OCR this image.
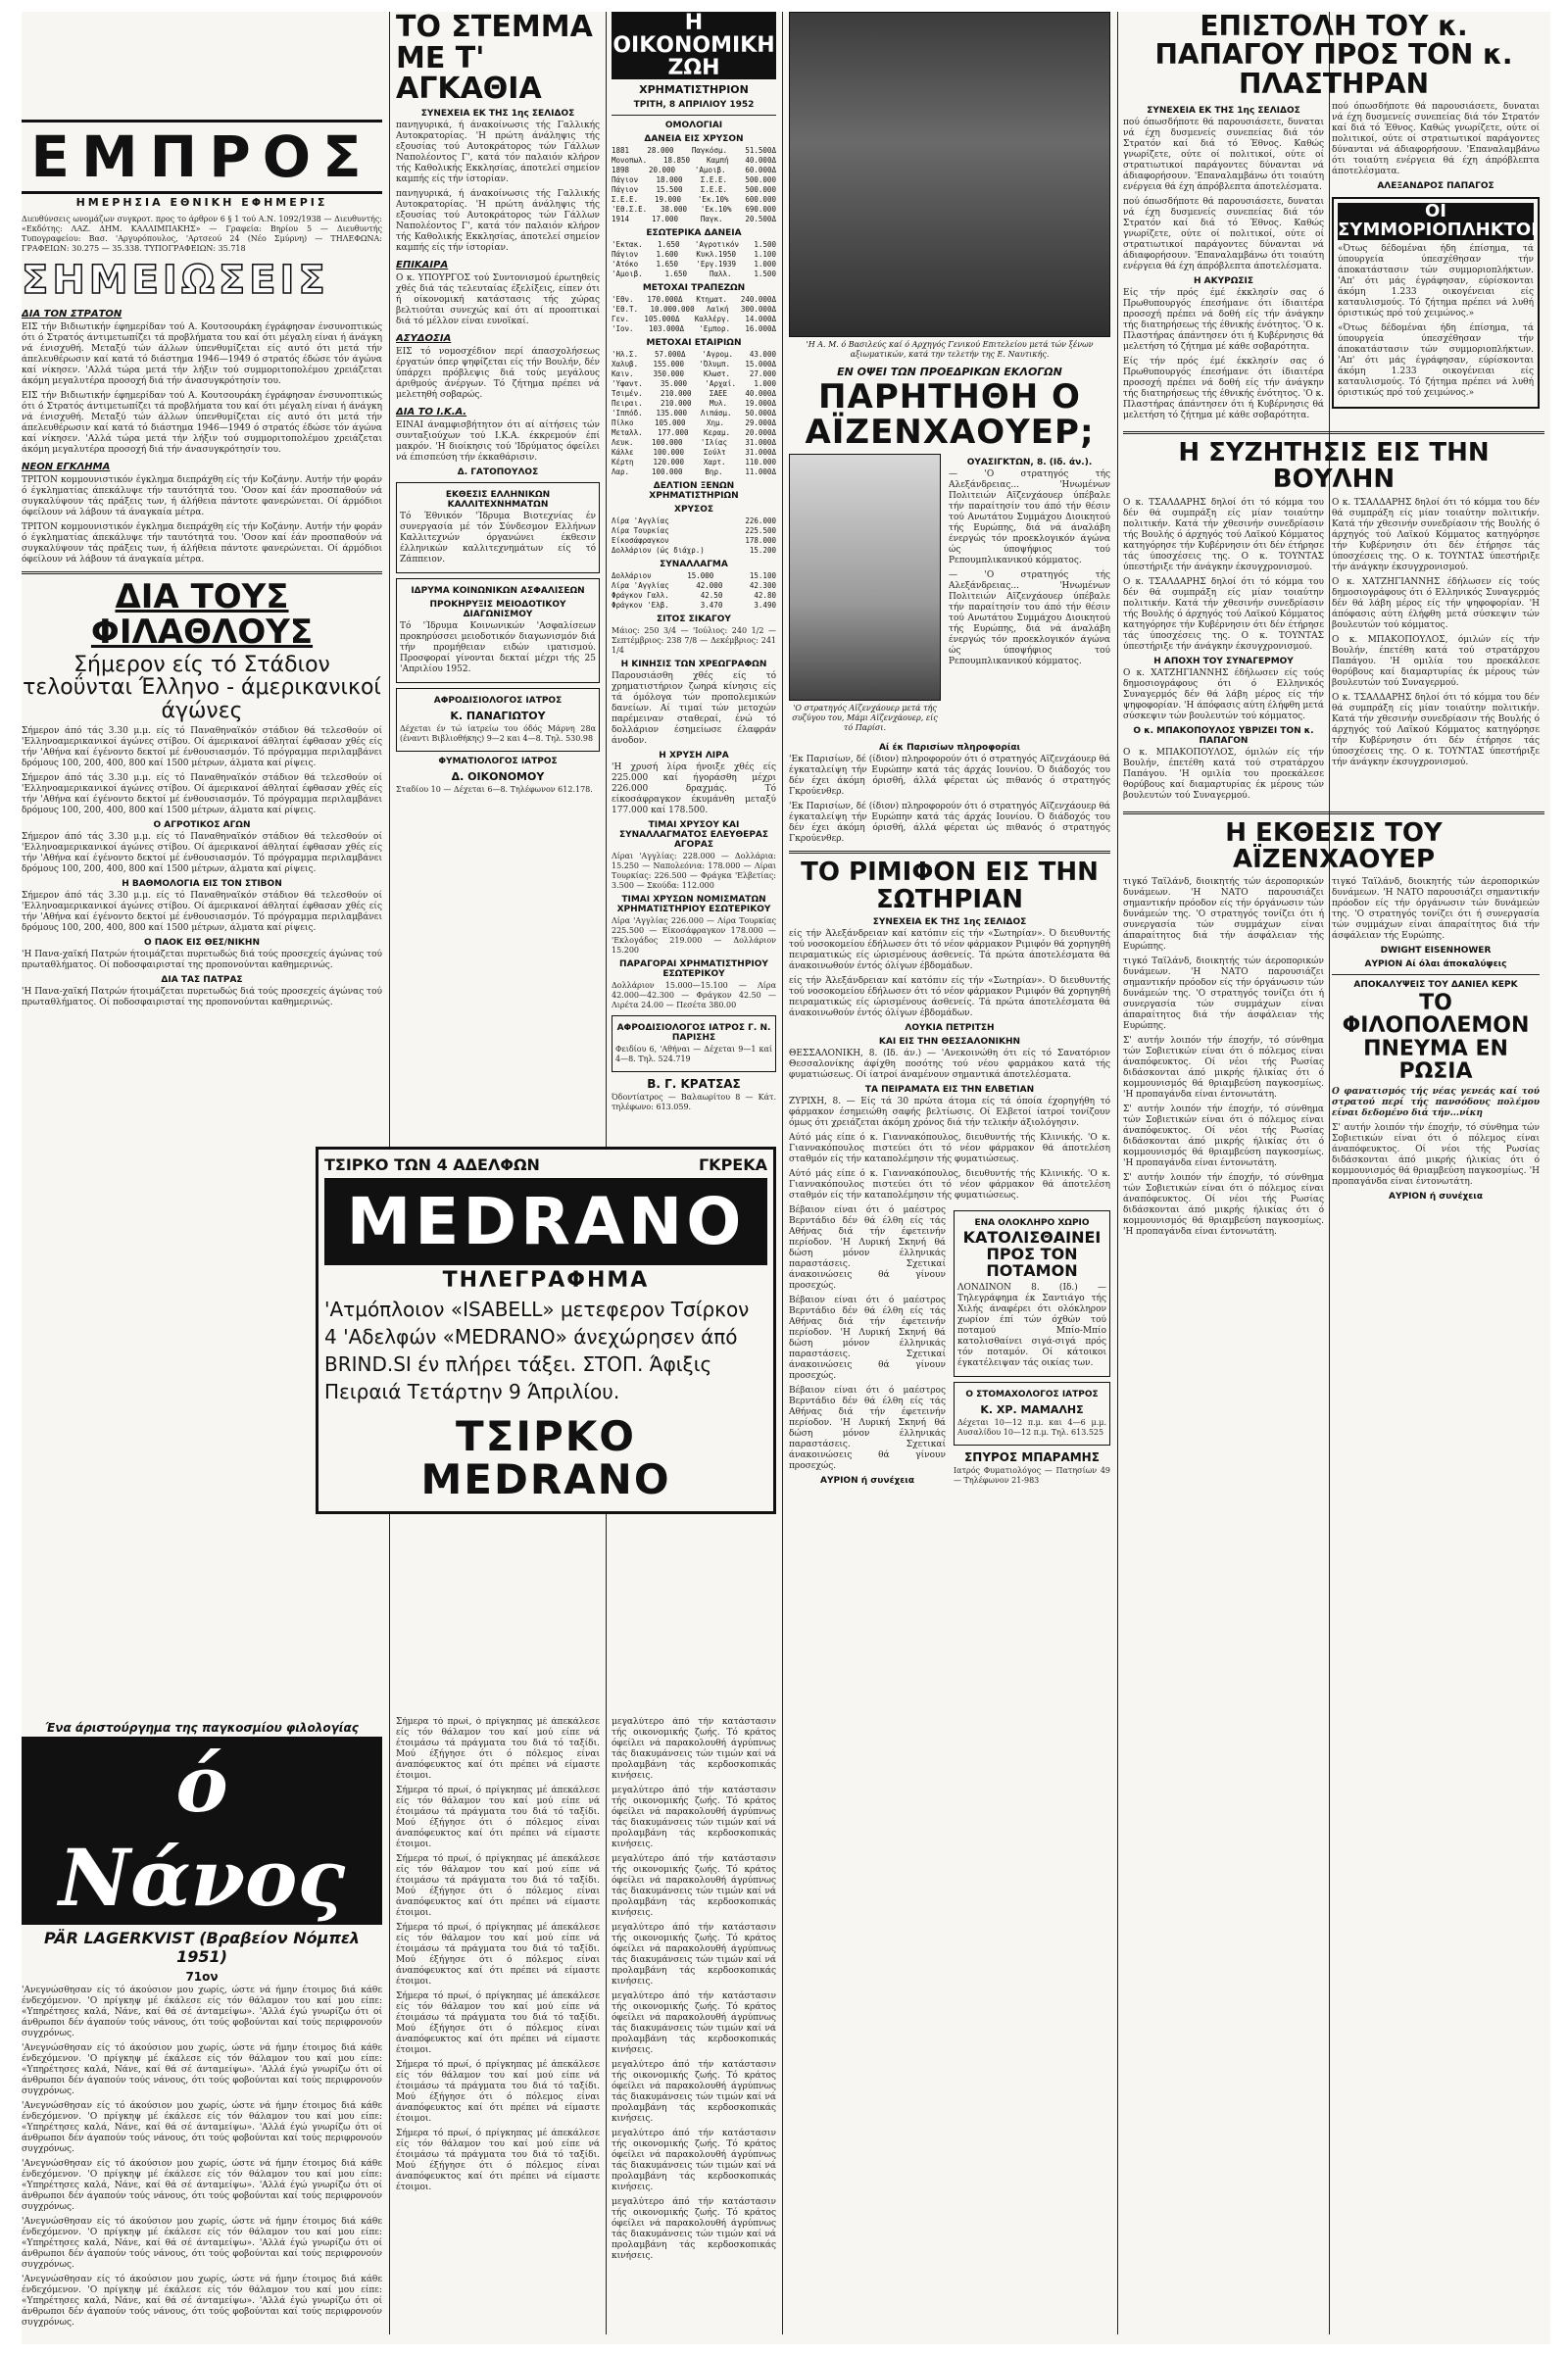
ΕΜΠΡΟΣ
ΗΜΕΡΗΣΙΑ ΕΘΝΙΚΗ ΕΦΗΜΕΡΙΣ

Διευθύνσεις ωνομάζων συγκροτ. προς το άρθρον 6 § 1 τού Α.Ν. 1092/1938 — Διευθυντής: «Εκδότης: ΛΑΖ. ΔΗΜ. ΚΑΛΛΙΜΠΑΚΗΣ» — Γραφεία: Βηρίου 5 — Διευθυντής Τυπογραφείου: Βασ. 'Αργυρόπουλος, 'Αρτσεού 24 (Νέο Σμύρνη) — ΤΗΛΕΦΩΝΑ: ΓΡΑΦΕΙΩΝ: 30.275 — 35.338. ΤΥΠΟΓΡΑΦΕΙΩΝ: 35.718

ΣΗΜΕΙΩΣΕΙΣ
ΔΙΑ ΤΟΝ ΣΤΡΑΤΟΝ

ΕΙΣ τήν Βιδιωτικήν έφημερίδαν τού Α. Κουτσουράκη έγράφησαν ένσυνοπτικώς ότι ό Στρατός άντιμετωπίζει τά προβλήματα του καί ότι μέγαλη είναι ή άνάγκη νά ένισχυθή. Μεταξύ τών άλλων ύπενθυμίζεται είς αυτό ότι μετά τήν άπελευθέρωσιν καί κατά τό διάστημα 1946—1949 ό στρατός έδώσε τόν άγώνα καί νίκησεν. 'Αλλά τώρα μετά τήν λήξιν τού συμμοριτοπολέμου χρειάζεται άκόμη μεγαλυτέρα προσοχή διά τήν άνασυγκρότησίν του.

ΕΙΣ τήν Βιδιωτικήν έφημερίδαν τού Α. Κουτσουράκη έγράφησαν ένσυνοπτικώς ότι ό Στρατός άντιμετωπίζει τά προβλήματα του καί ότι μέγαλη είναι ή άνάγκη νά ένισχυθή. Μεταξύ τών άλλων ύπενθυμίζεται είς αυτό ότι μετά τήν άπελευθέρωσιν καί κατά τό διάστημα 1946—1949 ό στρατός έδώσε τόν άγώνα καί νίκησεν. 'Αλλά τώρα μετά τήν λήξιν τού συμμοριτοπολέμου χρειάζεται άκόμη μεγαλυτέρα προσοχή διά τήν άνασυγκρότησίν του.

ΝΕΟΝ ΕΓΚΛΗΜΑ

ΤΡΙΤΟΝ κομμουνιστικόν έγκλημα διεπράχθη είς τήν Κοζάνην. Αυτήν τήν φοράν ό έγκληματίας άπεκάλυψε τήν ταυτότητά του. 'Οσον καί έάν προσπαθούν νά συγκαλύψουν τάς πράξεις των, ή άλήθεια πάντοτε φανερώνεται. Οί άρμόδιοι όφείλουν νά λάβουν τά άναγκαία μέτρα.

ΤΡΙΤΟΝ κομμουνιστικόν έγκλημα διεπράχθη είς τήν Κοζάνην. Αυτήν τήν φοράν ό έγκληματίας άπεκάλυψε τήν ταυτότητά του. 'Οσον καί έάν προσπαθούν νά συγκαλύψουν τάς πράξεις των, ή άλήθεια πάντοτε φανερώνεται. Οί άρμόδιοι όφείλουν νά λάβουν τά άναγκαία μέτρα.

ΔΙΑ ΤΟΥΣ ΦΙΛΑΘΛΟΥΣ
Σήμερον είς τό Στάδιον τελοΰνται Έλληνο - άμερικανικοί άγώνες

Σήμερον άπό τάς 3.30 μ.μ. είς τό Παναθηναϊκόν στάδιον θά τελεσθούν οί 'Ελληνοαμερικανικοί άγώνες στίβου. Οί άμερικανοί άθληταί έφθασαν χθές είς τήν 'Αθήνα καί έγένοντο δεκτοί μέ ένθουσιασμόν. Τό πρόγραμμα περιλαμβάνει δρόμους 100, 200, 400, 800 καί 1500 μέτρων, άλματα καί ρίψεις.

Σήμερον άπό τάς 3.30 μ.μ. είς τό Παναθηναϊκόν στάδιον θά τελεσθούν οί 'Ελληνοαμερικανικοί άγώνες στίβου. Οί άμερικανοί άθληταί έφθασαν χθές είς τήν 'Αθήνα καί έγένοντο δεκτοί μέ ένθουσιασμόν. Τό πρόγραμμα περιλαμβάνει δρόμους 100, 200, 400, 800 καί 1500 μέτρων, άλματα καί ρίψεις.

Ο ΑΓΡΟΤΙΚΟΣ ΑΓΩΝ

Σήμερον άπό τάς 3.30 μ.μ. είς τό Παναθηναϊκόν στάδιον θά τελεσθούν οί 'Ελληνοαμερικανικοί άγώνες στίβου. Οί άμερικανοί άθληταί έφθασαν χθές είς τήν 'Αθήνα καί έγένοντο δεκτοί μέ ένθουσιασμόν. Τό πρόγραμμα περιλαμβάνει δρόμους 100, 200, 400, 800 καί 1500 μέτρων, άλματα καί ρίψεις.

Η ΒΑΘΜΟΛΟΓΙΑ ΕΙΣ ΤΟΝ ΣΤΙΒΟΝ

Σήμερον άπό τάς 3.30 μ.μ. είς τό Παναθηναϊκόν στάδιον θά τελεσθούν οί 'Ελληνοαμερικανικοί άγώνες στίβου. Οί άμερικανοί άθληταί έφθασαν χθές είς τήν 'Αθήνα καί έγένοντο δεκτοί μέ ένθουσιασμόν. Τό πρόγραμμα περιλαμβάνει δρόμους 100, 200, 400, 800 καί 1500 μέτρων, άλματα καί ρίψεις.

Ο ΠΑΟΚ ΕΙΣ ΘΕΣ/ΝΙΚΗΝ

'Η Πανα-χαϊκή Πατρών ήτοιμάζεται πυρετωδώς διά τούς προσεχείς άγώνας τού πρωταθλήματος. Οί ποδοσφαιρισταί της προπονούνται καθημερινώς.

ΔΙΑ ΤΑΣ ΠΑΤΡΑΣ

'Η Πανα-χαϊκή Πατρών ήτοιμάζεται πυρετωδώς διά τούς προσεχείς άγώνας τού πρωταθλήματος. Οί ποδοσφαιρισταί της προπονούνται καθημερινώς.

ΤΣΙΡΚΟ ΤΩΝ 4 ΑΔΕΛΦΩΝ	ΓΚΡΕΚΑ
MEDRANO
ΤΗΛΕΓΡΑΦΗΜΑ
'Ατμόπλοιον «ISABELL» μετεφερον Τσίρκον 4 'Αδελφών «MEDRANO» άνεχώρησεν άπό BRIND.SI έν πλήρει τάξει. ΣΤΟΠ. Άφιξις Πειραιά Τετάρτην 9 Άπριλίου.
ΤΣΙΡΚΟ MEDRANO
Ένα άριστούργημα της παγκοσμίου φιλολογίας
ό Νάνος
PÄR LAGERKVIST (Βραβείον Νόμπελ 1951)
71ον

'Ανεγνώσθησαν είς τό άκούσιον μου χωρίς, ώστε νά ήμην έτοιμος διά κάθε ένδεχόμενον. 'Ο πρίγκηψ μέ έκάλεσε είς τόν θάλαμον του καί μου είπε: «Υπηρέτησες καλά, Νάνε, καί θά σέ άνταμείψω». 'Αλλά έγώ γνωρίζω ότι οί άνθρωποι δέν άγαπούν τούς νάνους, ότι τούς φοβούνται καί τούς περιφρονούν συγχρόνως.

'Ανεγνώσθησαν είς τό άκούσιον μου χωρίς, ώστε νά ήμην έτοιμος διά κάθε ένδεχόμενον. 'Ο πρίγκηψ μέ έκάλεσε είς τόν θάλαμον του καί μου είπε: «Υπηρέτησες καλά, Νάνε, καί θά σέ άνταμείψω». 'Αλλά έγώ γνωρίζω ότι οί άνθρωποι δέν άγαπούν τούς νάνους, ότι τούς φοβούνται καί τούς περιφρονούν συγχρόνως.

'Ανεγνώσθησαν είς τό άκούσιον μου χωρίς, ώστε νά ήμην έτοιμος διά κάθε ένδεχόμενον. 'Ο πρίγκηψ μέ έκάλεσε είς τόν θάλαμον του καί μου είπε: «Υπηρέτησες καλά, Νάνε, καί θά σέ άνταμείψω». 'Αλλά έγώ γνωρίζω ότι οί άνθρωποι δέν άγαπούν τούς νάνους, ότι τούς φοβούνται καί τούς περιφρονούν συγχρόνως.

'Ανεγνώσθησαν είς τό άκούσιον μου χωρίς, ώστε νά ήμην έτοιμος διά κάθε ένδεχόμενον. 'Ο πρίγκηψ μέ έκάλεσε είς τόν θάλαμον του καί μου είπε: «Υπηρέτησες καλά, Νάνε, καί θά σέ άνταμείψω». 'Αλλά έγώ γνωρίζω ότι οί άνθρωποι δέν άγαπούν τούς νάνους, ότι τούς φοβούνται καί τούς περιφρονούν συγχρόνως.

'Ανεγνώσθησαν είς τό άκούσιον μου χωρίς, ώστε νά ήμην έτοιμος διά κάθε ένδεχόμενον. 'Ο πρίγκηψ μέ έκάλεσε είς τόν θάλαμον του καί μου είπε: «Υπηρέτησες καλά, Νάνε, καί θά σέ άνταμείψω». 'Αλλά έγώ γνωρίζω ότι οί άνθρωποι δέν άγαπούν τούς νάνους, ότι τούς φοβούνται καί τούς περιφρονούν συγχρόνως.

'Ανεγνώσθησαν είς τό άκούσιον μου χωρίς, ώστε νά ήμην έτοιμος διά κάθε ένδεχόμενον. 'Ο πρίγκηψ μέ έκάλεσε είς τόν θάλαμον του καί μου είπε: «Υπηρέτησες καλά, Νάνε, καί θά σέ άνταμείψω». 'Αλλά έγώ γνωρίζω ότι οί άνθρωποι δέν άγαπούν τούς νάνους, ότι τούς φοβούνται καί τούς περιφρονούν συγχρόνως.

ΤΟ ΣΤΕΜΜΑ ΜΕ Τ' ΑΓΚΑΘΙΑ
ΣΥΝΕΧΕΙΑ ΕΚ ΤΗΣ 1ης ΣΕΛΙΔΟΣ

πανηγυρικά, ή άνακοίνωσις τής Γαλλικής Αυτοκρατορίας. 'Η πρώτη άνάληψις τής εξουσίας τού Αυτοκράτορος τών Γάλλων Ναπολέοντος Γ', κατά τόν παλαιόν κλήρον τής Καθολικής Εκκλησίας, άποτελεί σημείον καμπής είς τήν ίστορίαν.

πανηγυρικά, ή άνακοίνωσις τής Γαλλικής Αυτοκρατορίας. 'Η πρώτη άνάληψις τής εξουσίας τού Αυτοκράτορος τών Γάλλων Ναπολέοντος Γ', κατά τόν παλαιόν κλήρον τής Καθολικής Εκκλησίας, άποτελεί σημείον καμπής είς τήν ίστορίαν.

ΕΠΙΚΑΙΡΑ

Ο κ. ΥΠΟΥΡΓΟΣ τού Συντονισμού έρωτηθείς χθές διά τάς τελευταίας έξελίξεις, είπεν ότι ή οίκονομική κατάστασις τής χώρας βελτιούται συνεχώς καί ότι αί προοπτικαί διά τό μέλλον είναι ευνοϊκαί.

ΑΣΥΔΟΣΙΑ

ΕΙΣ τό νομοσχέδιον περί άπασχολήσεως έργατών όπερ ψηφίζεται είς τήν Βουλήν, δέν ύπάρχει πρόβλεψις διά τούς μεγάλους άριθμούς άνέργων. Τό ζήτημα πρέπει νά μελετηθή σοβαρώς.

ΔΙΑ ΤΟ Ι.Κ.Α.

ΕΙΝΑΙ άναμφισβήτητον ότι αί αίτήσεις τών συνταξιούχων τού Ι.Κ.Α. έκκρεμούν έπί μακρόν. 'Η διοίκησις τού 'Ιδρύματος όφείλει νά έπισπεύση τήν έκκαθάρισιν.

Δ. ΓΑΤΟΠΟΥΛΟΣ
ΕΚΘΕΣΙΣ ΕΛΛΗΝΙΚΩΝ ΚΑΛΛΙΤΕΧΝΗΜΑΤΩΝ

Τό Έθνικόν 'Ίδρυμα Βιοτεχνίας έν συνεργασία μέ τόν Σύνδεσμον Ελλήνων Καλλιτεχνών όργανώνει έκθεσιν έλληνικών καλλιτεχνημάτων είς τό Ζάππειον.

ΙΔΡΥΜΑ ΚΟΙΝΩΝΙΚΩΝ ΑΣΦΑΛΙΣΕΩΝ
ΠΡΟΚΗΡΥΞΙΣ ΜΕΙΟΔΟΤΙΚΟΥ ΔΙΑΓΩΝΙΣΜΟΥ

Τό 'Ίδρυμα Κοινωνικών 'Ασφαλίσεων προκηρύσσει μειοδοτικόν διαγωνισμόν διά τήν προμήθειαν ειδών ιματισμού. Προσφοραί γίνονται δεκταί μέχρι τής 25 'Απριλίου 1952.

ΑΦΡΟΔΙΣΙΟΛΟΓΟΣ ΙΑΤΡΟΣ
Κ. ΠΑΝΑΓΙΩΤΟΥ

Δέχεται έν τώ ίατρείω του όδός Μάρνη 28α (έναντι Βιβλιοθήκης) 9—2 και 4—8. Τηλ. 530.98

ΦΥΜΑΤΙΟΛΟΓΟΣ ΙΑΤΡΟΣ
Δ. ΟΙΚΟΝΟΜΟΥ

Σταδίου 10 — Δέχεται 6—8. Τηλέφωνον 612.178.

Σήμερα τό πρωί, ό πρίγκηπας μέ άπεκάλεσε είς τόν θάλαμον του καί μού είπε νά έτοιμάσω τά πράγματα του διά τό ταξίδι. Μού έξήγησε ότι ό πόλεμος είναι άναπόφευκτος καί ότι πρέπει νά είμαστε έτοιμοι.

Σήμερα τό πρωί, ό πρίγκηπας μέ άπεκάλεσε είς τόν θάλαμον του καί μού είπε νά έτοιμάσω τά πράγματα του διά τό ταξίδι. Μού έξήγησε ότι ό πόλεμος είναι άναπόφευκτος καί ότι πρέπει νά είμαστε έτοιμοι.

Σήμερα τό πρωί, ό πρίγκηπας μέ άπεκάλεσε είς τόν θάλαμον του καί μού είπε νά έτοιμάσω τά πράγματα του διά τό ταξίδι. Μού έξήγησε ότι ό πόλεμος είναι άναπόφευκτος καί ότι πρέπει νά είμαστε έτοιμοι.

Σήμερα τό πρωί, ό πρίγκηπας μέ άπεκάλεσε είς τόν θάλαμον του καί μού είπε νά έτοιμάσω τά πράγματα του διά τό ταξίδι. Μού έξήγησε ότι ό πόλεμος είναι άναπόφευκτος καί ότι πρέπει νά είμαστε έτοιμοι.

Σήμερα τό πρωί, ό πρίγκηπας μέ άπεκάλεσε είς τόν θάλαμον του καί μού είπε νά έτοιμάσω τά πράγματα του διά τό ταξίδι. Μού έξήγησε ότι ό πόλεμος είναι άναπόφευκτος καί ότι πρέπει νά είμαστε έτοιμοι.

Σήμερα τό πρωί, ό πρίγκηπας μέ άπεκάλεσε είς τόν θάλαμον του καί μού είπε νά έτοιμάσω τά πράγματα του διά τό ταξίδι. Μού έξήγησε ότι ό πόλεμος είναι άναπόφευκτος καί ότι πρέπει νά είμαστε έτοιμοι.

Σήμερα τό πρωί, ό πρίγκηπας μέ άπεκάλεσε είς τόν θάλαμον του καί μού είπε νά έτοιμάσω τά πράγματα του διά τό ταξίδι. Μού έξήγησε ότι ό πόλεμος είναι άναπόφευκτος καί ότι πρέπει νά είμαστε έτοιμοι.

Η ΟΙΚΟΝΟΜΙΚΗ ΖΩΗ
ΧΡΗΜΑΤΙΣΤΗΡΙΟΝ
ΤΡΙΤΗ, 8 ΑΠΡΙΛΙΟΥ 1952
ΟΜΟΛΟΓΙΑΙ
ΔΑΝΕΙΑ ΕΙΣ ΧΡΥΣΟΝ
1881 28.000 Παγκόσμ. 51.500Δ
Μονοπωλ. 18.850 Καμπή 40.000Δ
1898	20.000	'Αμοιβ.	60.000Δ
Πάγιον 18.000 Σ.Ε.Ε. 500.000
Πάγιον 15.500 Σ.Ε.Ε. 500.000
Σ.Ε.Ε. 19.000 'Εκ.10% 600.000
'Εθ.Σ.Ε. 38.000 'Εκ.10% 690.000
1914	17.000	Παγκ.	20.500Δ
ΕΣΩΤΕΡΙΚΑ ΔΑΝΕΙΑ
'Εκτακ. 1.650 'Αγροτικόν 1.500
Πάγιον 1.600 Κυκλ.1950 1.100
'Ατόκο 1.650 'Εργ.1939 1.000
'Αμοιβ.	1.650	Παλλ.	1.500
ΜΕΤΟΧΑΙ ΤΡΑΠΕΖΩΝ
'Εθν. 170.000Δ Κτηματ. 240.000Δ
'Εθ.Τ. 10.000.000 Λαϊκή 300.000Δ
Γεν. 105.000Δ Καλλέργ. 14.000Δ
'Ιον. 103.000Δ 'Εμπορ. 16.000Δ
ΜΕΤΟΧΑΙ ΕΤΑΙΡΙΩΝ
'Ηλ.Σ. 57.000Δ 'Αγρομ. 43.000
Χαλυβ. 155.000 'Όλυμπ. 15.000Δ
Καιν.	350.000	Κλωστ.	27.000
'Υφαντ. 35.000 'Αρχαί. 1.000
Τσιμέν. 210.000 ΣΑΕΕ 40.000Δ
Πειραι. 210.000 Μυλ. 19.000Δ
'Ιππόδ. 135.000 Λιπάσμ. 50.000Δ
Πίλκο	105.000	Χημ.	29.000Δ
Μεταλλ. 177.000 Κεραμ. 20.000Δ
Λευκ. 100.000 'Ιλίας 31.000Δ
Κάλλε	100.000	Σούλτ	31.000Δ
Κέρτη	120.000	Χαρτ.	110.000
Λαρ.	100.000	Βηρ.	11.000Δ
ΔΕΛΤΙΟΝ ΞΕΝΩΝ ΧΡΗΜΑΤΙΣΤΗΡΙΩΝ
ΧΡΥΣΟΣ
Λίρα 'Αγγλίας	226.000
Λίρα Τουρκίας	225.500
Είκοσάφραγκον	178.000
Δολλάριον (ώς διάχρ.)	15.200
ΣΥΝΑΛΛΑΓΜΑ
Δολλάριον	15.000	15.100
Λίρα 'Αγγλίας	42.000	42.300
Φράγκον Γαλλ.	42.50	42.80
Φράγκον 'Ελβ.	3.470	3.490
ΣΙΤΟΣ ΣΙΚΑΓΟΥ

Μάιος: 250 3/4 — 'Ιούλιος: 240 1/2 — Σεπτέμβριος: 238 7/8 — Δεκέμβριος: 241 1/4

Η ΚΙΝΗΣΙΣ ΤΩΝ ΧΡΕΩΓΡΑΦΩΝ

Παρουσιάσθη χθές είς τό χρηματιστήριον ζωηρά κίνησις είς τά όμόλογα τών προπολεμικών δανείων. Αί τιμαί τών μετοχών παρέμειναν σταθεραί, ένώ τό δολλάριον έσημείωσε έλαφράν άνοδον.

Η ΧΡΥΣΗ ΛΙΡΑ

'Η χρυσή λίρα ήνοιξε χθές είς 225.000 καί ήγοράσθη μέχρι 226.000 δραχμάς. Τό είκοσάφραγκον έκυμάνθη μεταξύ 177.000 καί 178.500.

ΤΙΜΑΙ ΧΡΥΣΟΥ ΚΑΙ ΣΥΝΑΛΛΑΓΜΑΤΟΣ ΕΛΕΥΘΕΡΑΣ ΑΓΟΡΑΣ

Λίραι 'Αγγλίας: 228.000 — Δολλάρια: 15.250 — Ναπολεόνια: 178.000 — Λίραι Τουρκίας: 226.500 — Φράγκα 'Ελβετίας: 3.500 — Σκούδα: 112.000

ΤΙΜΑΙ ΧΡΥΣΩΝ ΝΟΜΙΣΜΑΤΩΝ ΧΡΗΜΑΤΙΣΤΗΡΙΟΥ ΕΣΩΤΕΡΙΚΟΥ

Λίρα 'Αγγλίας 226.000 — Λίρα Τουρκίας 225.500 — Είκοσάφραγκον 178.000 — 'Εκλογάδος 219.000 — Δολλάριον 15.200

ΠΑΡΑΓΟΡΑΙ ΧΡΗΜΑΤΙΣΤΗΡΙΟΥ ΕΣΩΤΕΡΙΚΟΥ

Δολλάριον 15.000—15.100 — Λίρα 42.000—42.300 — Φράγκον 42.50 — Λιρέτα 24.00 — Πεσέτα 380.00

ΑΦΡΟΔΙΣΙΟΛΟΓΟΣ ΙΑΤΡΟΣ Γ. Ν. ΠΑΡΙΣΗΣ

Φειδίου 6, 'Αθήναι — Δέχεται 9—1 καί 4—8. Τηλ. 524.719

Β. Γ. ΚΡΑΤΣΑΣ

Όδοντίατρος — Βαλαωρίτου 8 — Κάτ. τηλέφωνο: 613.059.

μεγαλύτερο άπό τήν κατάστασιν τής οικονομικής ζωής. Τό κράτος όφείλει νά παρακολουθή άγρύπνως τάς διακυμάνσεις τών τιμών καί νά προλαμβάνη τάς κερδοσκοπικάς κινήσεις.

μεγαλύτερο άπό τήν κατάστασιν τής οικονομικής ζωής. Τό κράτος όφείλει νά παρακολουθή άγρύπνως τάς διακυμάνσεις τών τιμών καί νά προλαμβάνη τάς κερδοσκοπικάς κινήσεις.

μεγαλύτερο άπό τήν κατάστασιν τής οικονομικής ζωής. Τό κράτος όφείλει νά παρακολουθή άγρύπνως τάς διακυμάνσεις τών τιμών καί νά προλαμβάνη τάς κερδοσκοπικάς κινήσεις.

μεγαλύτερο άπό τήν κατάστασιν τής οικονομικής ζωής. Τό κράτος όφείλει νά παρακολουθή άγρύπνως τάς διακυμάνσεις τών τιμών καί νά προλαμβάνη τάς κερδοσκοπικάς κινήσεις.

μεγαλύτερο άπό τήν κατάστασιν τής οικονομικής ζωής. Τό κράτος όφείλει νά παρακολουθή άγρύπνως τάς διακυμάνσεις τών τιμών καί νά προλαμβάνη τάς κερδοσκοπικάς κινήσεις.

μεγαλύτερο άπό τήν κατάστασιν τής οικονομικής ζωής. Τό κράτος όφείλει νά παρακολουθή άγρύπνως τάς διακυμάνσεις τών τιμών καί νά προλαμβάνη τάς κερδοσκοπικάς κινήσεις.

μεγαλύτερο άπό τήν κατάστασιν τής οικονομικής ζωής. Τό κράτος όφείλει νά παρακολουθή άγρύπνως τάς διακυμάνσεις τών τιμών καί νά προλαμβάνη τάς κερδοσκοπικάς κινήσεις.

μεγαλύτερο άπό τήν κατάστασιν τής οικονομικής ζωής. Τό κράτος όφείλει νά παρακολουθή άγρύπνως τάς διακυμάνσεις τών τιμών καί νά προλαμβάνη τάς κερδοσκοπικάς κινήσεις.

'Η Α. Μ. ό Βασιλεύς καί ό Αρχηγός Γενικού Επιτελείου μετά τών ξένων αξιωματικών, κατά την τελετήν της Ε. Ναυτικής.
ΕΝ ΟΨΕΙ ΤΩΝ ΠΡΟΕΔΡΙΚΩΝ ΕΚΛΟΓΩΝ
ΠΑΡΗΤΗΘΗ Ο ΑΪΖΕΝΧΑΟΥΕΡ;
'Ο στρατηγός Αϊζενχάουερ μετά τής συζύγου του, Μάμι Αϊζενχάουερ, είς τό Παρίσι.
ΟΥΑΣΙΓΚΤΩΝ, 8. (Ιδ. άν.).

— 'Ο στρατηγός τής Αλεξάνδρειας... 'Ηνωμένων Πολιτειών Αϊζενχάουερ ύπέβαλε τήν παραίτησίν του άπό τήν θέσιν τού Ανωτάτου Συμμάχου Διοικητού τής Ευρώπης, διά νά άναλάβη ένεργώς τόν προεκλογικόν άγώνα ώς ύποψήφιος τού Ρεπουμπλικανικού κόμματος.

— 'Ο στρατηγός τής Αλεξάνδρειας... 'Ηνωμένων Πολιτειών Αϊζενχάουερ ύπέβαλε τήν παραίτησίν του άπό τήν θέσιν τού Ανωτάτου Συμμάχου Διοικητού τής Ευρώπης, διά νά άναλάβη ένεργώς τόν προεκλογικόν άγώνα ώς ύποψήφιος τού Ρεπουμπλικανικού κόμματος.

Αί έκ Παρισίων πληροφορίαι

'Εκ Παρισίων, δέ (ίδιον) πληροφορούν ότι ό στρατηγός Αϊζενχάουερ θά έγκαταλείψη τήν Ευρώπην κατά τάς άρχάς Ιουνίου. Ό διάδοχός του δέν έχει άκόμη όρισθή, άλλά φέρεται ώς πιθανός ό στρατηγός Γκρούενθερ.

'Εκ Παρισίων, δέ (ίδιον) πληροφορούν ότι ό στρατηγός Αϊζενχάουερ θά έγκαταλείψη τήν Ευρώπην κατά τάς άρχάς Ιουνίου. Ό διάδοχός του δέν έχει άκόμη όρισθή, άλλά φέρεται ώς πιθανός ό στρατηγός Γκρούενθερ.

ΤΟ ΡΙΜΙΦΟΝ ΕΙΣ ΤΗΝ ΣΩΤΗΡΙΑΝ
ΣΥΝΕΧΕΙΑ ΕΚ ΤΗΣ 1ης ΣΕΛΙΔΟΣ

είς τήν Άλεξάνδρειαν καί κατόπιν είς τήν «Σωτηρίαν». Ό διευθυντής τού νοσοκομείου έδήλωσεν ότι τό νέον φάρμακον Ριμιφόν θά χορηγηθή πειραματικώς είς ώρισμένους άσθενείς. Τά πρώτα άποτελέσματα θά άνακοινωθούν έντός όλίγων έβδομάδων.

είς τήν Άλεξάνδρειαν καί κατόπιν είς τήν «Σωτηρίαν». Ό διευθυντής τού νοσοκομείου έδήλωσεν ότι τό νέον φάρμακον Ριμιφόν θά χορηγηθή πειραματικώς είς ώρισμένους άσθενείς. Τά πρώτα άποτελέσματα θά άνακοινωθούν έντός όλίγων έβδομάδων.

ΛΟΥΚΙΑ ΠΕΤΡΙΤΣΗ
ΚΑΙ ΕΙΣ ΤΗΝ ΘΕΣΣΑΛΟΝΙΚΗΝ

ΘΕΣΣΑΛΟΝΙΚΗ, 8. (Ιδ. άν.) — 'Ανεκοινώθη ότι είς τό Σανατόριον Θεσσαλονίκης άφίχθη ποσότης τού νέου φαρμάκου κατά τής φυματιώσεως. Οί ίατροί άναμένουν σημαντικά άποτελέσματα.

ΤΑ ΠΕΙΡΑΜΑΤΑ ΕΙΣ ΤΗΝ ΕΛΒΕΤΙΑΝ

ΖΥΡΙΧΗ, 8. — Είς τά 30 πρώτα άτομα είς τά όποία έχορηγήθη τό φάρμακον έσημειώθη σαφής βελτίωσις. Οί Ελβετοί ίατροί τονίζουν όμως ότι χρειάζεται άκόμη χρόνος διά τήν τελικήν άξιολόγησιν.

Αύτό μάς είπε ό κ. Γιαννακόπουλος, διευθυντής τής Κλινικής. 'Ο κ. Γιαννακόπουλος πιστεύει ότι τό νέον φάρμακον θά άποτελέση σταθμόν είς τήν καταπολέμησιν τής φυματιώσεως.

Αύτό μάς είπε ό κ. Γιαννακόπουλος, διευθυντής τής Κλινικής. 'Ο κ. Γιαννακόπουλος πιστεύει ότι τό νέον φάρμακον θά άποτελέση σταθμόν είς τήν καταπολέμησιν τής φυματιώσεως.

Βέβαιον είναι ότι ό μαέστρος Βερντάδιο δέν θά έλθη είς τάς Αθήνας διά τήν έφετεινήν περίοδον. 'Η Λυρική Σκηνή θά δώση μόνον έλληνικάς παραστάσεις. Σχετικαί άνακοινώσεις θά γίνουν προσεχώς.

Βέβαιον είναι ότι ό μαέστρος Βερντάδιο δέν θά έλθη είς τάς Αθήνας διά τήν έφετεινήν περίοδον. 'Η Λυρική Σκηνή θά δώση μόνον έλληνικάς παραστάσεις. Σχετικαί άνακοινώσεις θά γίνουν προσεχώς.

Βέβαιον είναι ότι ό μαέστρος Βερντάδιο δέν θά έλθη είς τάς Αθήνας διά τήν έφετεινήν περίοδον. 'Η Λυρική Σκηνή θά δώση μόνον έλληνικάς παραστάσεις. Σχετικαί άνακοινώσεις θά γίνουν προσεχώς.

ΑΥΡΙΟΝ ή συνέχεια
ΕΝΑ ΟΛΟΚΛΗΡΟ ΧΩΡΙΟ
ΚΑΤΟΛΙΣΘΑΙΝΕΙ ΠΡΟΣ ΤΟΝ ΠΟΤΑΜΟΝ

ΛΟΝΔΙΝΟΝ 8. (Ιδ.) — Τηλεγράφημα έκ Σαντιάγο τής Χιλής άναφέρει ότι ολόκληρον χωρίον έπί τών όχθών τού ποταμού Μπίο-Μπίο κατολισθαίνει σιγά-σιγά πρός τόν ποταμόν. Οί κάτοικοι έγκατέλειψαν τάς οικίας των.

Ο ΣΤΟΜΑΧΟΛΟΓΟΣ ΙΑΤΡΟΣ
Κ. ΧΡ. ΜΑΜΑΛΗΣ

Δέχεται 10—12 π.μ. και 4—6 μ.μ. Αυσαλίδου 10—12 π.μ. Τηλ. 613.525

ΣΠΥΡΟΣ ΜΠΑΡΑΜΗΣ

Ιατρός Φυματιολόγος — Πατησίων 49 — Τηλέφωνον 21-983

ΕΠΙΣΤΟΛΗ ΤΟΥ κ. ΠΑΠΑΓΟΥ ΠΡΟΣ ΤΟΝ κ. ΠΛΑΣΤΗΡΑΝ
ΣΥΝΕΧΕΙΑ ΕΚ ΤΗΣ 1ης ΣΕΛΙΔΟΣ

πού όπωσδήποτε θά παρουσιάσετε, δυναται νά έχη δυσμενείς συνεπείας διά τόν Στρατόν καί διά τό Έθνος. Καθώς γνωρίζετε, ούτε οί πολιτικοί, ούτε οί στρατιωτικοί παράγοντες δύνανται νά άδιαφορήσουν. 'Επαναλαμβάνω ότι τοιαύτη ενέργεια θά έχη άπρόβλεπτα άποτελέσματα.

πού όπωσδήποτε θά παρουσιάσετε, δυναται νά έχη δυσμενείς συνεπείας διά τόν Στρατόν καί διά τό Έθνος. Καθώς γνωρίζετε, ούτε οί πολιτικοί, ούτε οί στρατιωτικοί παράγοντες δύνανται νά άδιαφορήσουν. 'Επαναλαμβάνω ότι τοιαύτη ενέργεια θά έχη άπρόβλεπτα άποτελέσματα.

Η ΑΚΥΡΩΣΙΣ

Είς τήν πρός έμέ έκκλησίν σας ό Πρωθυπουργός έπεσήμανε ότι ίδιαιτέρα προσοχή πρέπει νά δοθή είς τήν άνάγκην τής διατηρήσεως τής έθνικής ένότητος. 'Ο κ. Πλαστήρας άπάντησεν ότι ή Κυβέρνησις θά μελετήση τό ζήτημα μέ κάθε σοβαρότητα.

Είς τήν πρός έμέ έκκλησίν σας ό Πρωθυπουργός έπεσήμανε ότι ίδιαιτέρα προσοχή πρέπει νά δοθή είς τήν άνάγκην τής διατηρήσεως τής έθνικής ένότητος. 'Ο κ. Πλαστήρας άπάντησεν ότι ή Κυβέρνησις θά μελετήση τό ζήτημα μέ κάθε σοβαρότητα.

πού όπωσδήποτε θά παρουσιάσετε, δυναται νά έχη δυσμενείς συνεπείας διά τόν Στρατόν καί διά τό Έθνος. Καθώς γνωρίζετε, ούτε οί πολιτικοί, ούτε οί στρατιωτικοί παράγοντες δύνανται νά άδιαφορήσουν. 'Επαναλαμβάνω ότι τοιαύτη ενέργεια θά έχη άπρόβλεπτα άποτελέσματα.

ΑΛΕΞΑΝΔΡΟΣ ΠΑΠΑΓΟΣ
ΟΙ ΣΥΜΜΟΡΙΟΠΛΗΚΤΟΙ

«Ότως δέδομέναι ήδη έπίσημα, τά ύπουργεία ύπεσχέθησαν τήν άποκατάστασιν τών συμμοριοπλήκτων. 'Απ' ότι μάς έγράφησαν, εύρίσκονται άκόμη 1.233 οικογένειαι είς καταυλισμούς. Τό ζήτημα πρέπει νά λυθή όριστικώς πρό τού χειμώνος.»

«Ότως δέδομέναι ήδη έπίσημα, τά ύπουργεία ύπεσχέθησαν τήν άποκατάστασιν τών συμμοριοπλήκτων. 'Απ' ότι μάς έγράφησαν, εύρίσκονται άκόμη 1.233 οικογένειαι είς καταυλισμούς. Τό ζήτημα πρέπει νά λυθή όριστικώς πρό τού χειμώνος.»

Η ΣΥΖΗΤΗΣΙΣ ΕΙΣ ΤΗΝ ΒΟΥΛΗΝ

Ο κ. ΤΣΑΛΔΑΡΗΣ δηλοί ότι τό κόμμα του δέν θά συμπράξη είς μίαν τοιαύτην πολιτικήν. Κατά τήν χθεσινήν συνεδρίασιν τής Βουλής ό άρχηγός τού Λαϊκού Κόμματος κατηγόρησε τήν Κυβέρνησιν ότι δέν έτήρησε τάς ύποσχέσεις της. Ο κ. ΤΟΥΝΤΑΣ ύπεστήριξε τήν άνάγκην έκσυγχρονισμού.

Ο κ. ΤΣΑΛΔΑΡΗΣ δηλοί ότι τό κόμμα του δέν θά συμπράξη είς μίαν τοιαύτην πολιτικήν. Κατά τήν χθεσινήν συνεδρίασιν τής Βουλής ό άρχηγός τού Λαϊκού Κόμματος κατηγόρησε τήν Κυβέρνησιν ότι δέν έτήρησε τάς ύποσχέσεις της. Ο κ. ΤΟΥΝΤΑΣ ύπεστήριξε τήν άνάγκην έκσυγχρονισμού.

Η ΑΠΟΧΗ ΤΟΥ ΣΥΝΑΓΕΡΜΟΥ

Ο κ. ΧΑΤΖΗΓΙΑΝΝΗΣ έδήλωσεν είς τούς δημοσιογράφους ότι ό Ελληνικός Συναγερμός δέν θά λάβη μέρος είς τήν ψηφοφορίαν. 'Η άπόφασις αύτη έλήφθη μετά σύσκεψιν τών βουλευτών τού κόμματος.

Ο κ. ΜΠΑΚΟΠΟΥΛΟΣ ΥΒΡΙΖΕΙ ΤΟΝ κ. ΠΑΠΑΓΟΝ

Ο κ. ΜΠΑΚΟΠΟΥΛΟΣ, όμιλών είς τήν Βουλήν, έπετέθη κατά τού στρατάρχου Παπάγου. 'Η ομιλία του προεκάλεσε θορύβους καί διαμαρτυρίας έκ μέρους τών βουλευτών τού Συναγερμού.

Ο κ. ΤΣΑΛΔΑΡΗΣ δηλοί ότι τό κόμμα του δέν θά συμπράξη είς μίαν τοιαύτην πολιτικήν. Κατά τήν χθεσινήν συνεδρίασιν τής Βουλής ό άρχηγός τού Λαϊκού Κόμματος κατηγόρησε τήν Κυβέρνησιν ότι δέν έτήρησε τάς ύποσχέσεις της. Ο κ. ΤΟΥΝΤΑΣ ύπεστήριξε τήν άνάγκην έκσυγχρονισμού.

Ο κ. ΧΑΤΖΗΓΙΑΝΝΗΣ έδήλωσεν είς τούς δημοσιογράφους ότι ό Ελληνικός Συναγερμός δέν θά λάβη μέρος είς τήν ψηφοφορίαν. 'Η άπόφασις αύτη έλήφθη μετά σύσκεψιν τών βουλευτών τού κόμματος.

Ο κ. ΜΠΑΚΟΠΟΥΛΟΣ, όμιλών είς τήν Βουλήν, έπετέθη κατά τού στρατάρχου Παπάγου. 'Η ομιλία του προεκάλεσε θορύβους καί διαμαρτυρίας έκ μέρους τών βουλευτών τού Συναγερμού.

Ο κ. ΤΣΑΛΔΑΡΗΣ δηλοί ότι τό κόμμα του δέν θά συμπράξη είς μίαν τοιαύτην πολιτικήν. Κατά τήν χθεσινήν συνεδρίασιν τής Βουλής ό άρχηγός τού Λαϊκού Κόμματος κατηγόρησε τήν Κυβέρνησιν ότι δέν έτήρησε τάς ύποσχέσεις της. Ο κ. ΤΟΥΝΤΑΣ ύπεστήριξε τήν άνάγκην έκσυγχρονισμού.

Η ΕΚΘΕΣΙΣ ΤΟΥ ΑΪΖΕΝΧΑΟΥΕΡ

τιγκό Ταϊλάνδ, διοικητής τών άεροπορικών δυνάμεων. 'Η ΝΑΤΟ παρουσιάζει σημαντικήν πρόοδον είς τήν όργάνωσιν τών δυνάμεών της. 'Ο στρατηγός τονίζει ότι ή συνεργασία τών συμμάχων είναι άπαραίτητος διά τήν άσφάλειαν τής Ευρώπης.

τιγκό Ταϊλάνδ, διοικητής τών άεροπορικών δυνάμεων. 'Η ΝΑΤΟ παρουσιάζει σημαντικήν πρόοδον είς τήν όργάνωσιν τών δυνάμεών της. 'Ο στρατηγός τονίζει ότι ή συνεργασία τών συμμάχων είναι άπαραίτητος διά τήν άσφάλειαν τής Ευρώπης.

Σ' αυτήν λοιπόν τήν έποχήν, τό σύνθημα τών Σοβιετικών είναι ότι ό πόλεμος είναι άναπόφευκτος. Οί νέοι τής Ρωσίας διδάσκονται άπό μικρής ήλικίας ότι ό κομμουνισμός θά θριαμβεύση παγκοσμίως. 'Η προπαγάνδα είναι έντονωτάτη.

Σ' αυτήν λοιπόν τήν έποχήν, τό σύνθημα τών Σοβιετικών είναι ότι ό πόλεμος είναι άναπόφευκτος. Οί νέοι τής Ρωσίας διδάσκονται άπό μικρής ήλικίας ότι ό κομμουνισμός θά θριαμβεύση παγκοσμίως. 'Η προπαγάνδα είναι έντονωτάτη.

Σ' αυτήν λοιπόν τήν έποχήν, τό σύνθημα τών Σοβιετικών είναι ότι ό πόλεμος είναι άναπόφευκτος. Οί νέοι τής Ρωσίας διδάσκονται άπό μικρής ήλικίας ότι ό κομμουνισμός θά θριαμβεύση παγκοσμίως. 'Η προπαγάνδα είναι έντονωτάτη.

τιγκό Ταϊλάνδ, διοικητής τών άεροπορικών δυνάμεων. 'Η ΝΑΤΟ παρουσιάζει σημαντικήν πρόοδον είς τήν όργάνωσιν τών δυνάμεών της. 'Ο στρατηγός τονίζει ότι ή συνεργασία τών συμμάχων είναι άπαραίτητος διά τήν άσφάλειαν τής Ευρώπης.

DWIGHT EISENHOWER
ΑΥΡΙΟΝ Αί όλαι άποκαλύψεις
ΑΠΟΚΑΛΥΨΕΙΣ ΤΟΥ ΔΑΝΙΕΛ ΚΕΡΚ
ΤΟ ΦΙΛΟΠΟΛΕΜΟΝ ΠΝΕΥΜΑ ΕΝ ΡΩΣΙΑ

Ο φανατισμός τής νέας γενεάς καί τού στρατού περί τής πανσόδους πολέμου είναι δεδομένο διά τήν...νίκη

Σ' αυτήν λοιπόν τήν έποχήν, τό σύνθημα τών Σοβιετικών είναι ότι ό πόλεμος είναι άναπόφευκτος. Οί νέοι τής Ρωσίας διδάσκονται άπό μικρής ήλικίας ότι ό κομμουνισμός θά θριαμβεύση παγκοσμίως. 'Η προπαγάνδα είναι έντονωτάτη.

ΑΥΡΙΟΝ ή συνέχεια
